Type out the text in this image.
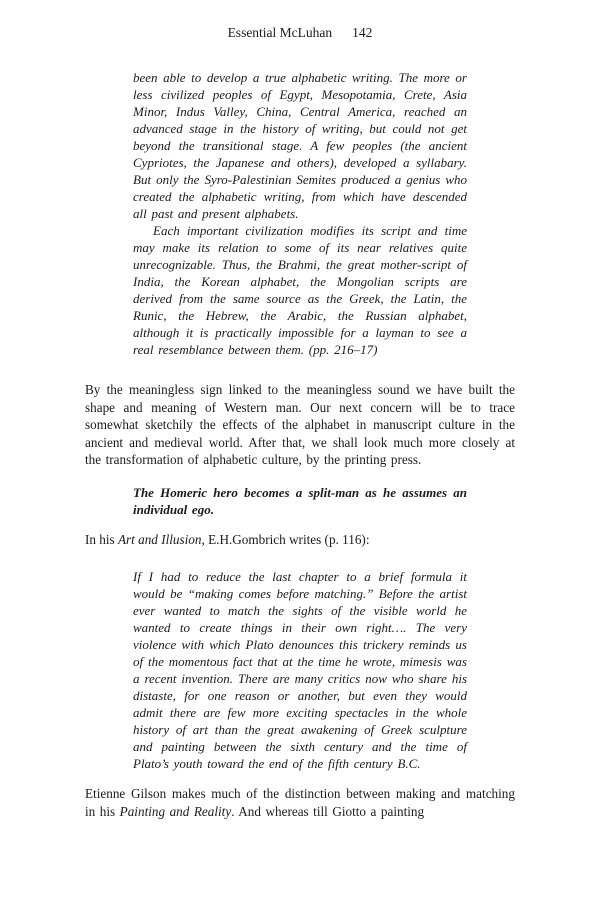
Essential McLuhan 142

been able to develop a true alphabetic writing. The more or less civilized peoples of Egypt, Mesopotamia, Crete, Asia Minor, Indus Valley, China, Central America, reached an advanced stage in the history of writing, but could not get beyond the transitional stage. A few peoples (the ancient Cypriotes, the Japanese and others), developed a syllabary. But only the Syro-Palestinian Semites produced a genius who created the alphabetic writing, from which have descended all past and present alphabets.

Each important civilization modifies its script and time may make its relation to some of its near relatives quite unrecognizable. Thus, the Brahmi, the great mother-script of India, the Korean alphabet, the Mongolian scripts are derived from the same source as the Greek, the Latin, the Runic, the Hebrew, the Arabic, the Russian alphabet, although it is practically impossible for a layman to see a real resemblance between them. (pp. 216–17)

By the meaningless sign linked to the meaningless sound we have built the shape and meaning of Western man. Our next concern will be to trace somewhat sketchily the effects of the alphabet in manuscript culture in the ancient and medieval world. After that, we shall look much more closely at the transformation of alphabetic culture, by the printing press.

The Homeric hero becomes a split-man as he assumes an individual ego.

In his Art and Illusion, E.H.Gombrich writes (p. 116):

If I had to reduce the last chapter to a brief formula it would be “making comes before matching.” Before the artist ever wanted to match the sights of the visible world he wanted to create things in their own right…. The very violence with which Plato denounces this trickery reminds us of the momentous fact that at the time he wrote, mimesis was a recent invention. There are many critics now who share his distaste, for one reason or another, but even they would admit there are few more exciting spectacles in the whole history of art than the great awakening of Greek sculpture and painting between the sixth century and the time of Plato’s youth toward the end of the fifth century B.C.

Etienne Gilson makes much of the distinction between making and matching in his Painting and Reality. And whereas till Giotto a painting
